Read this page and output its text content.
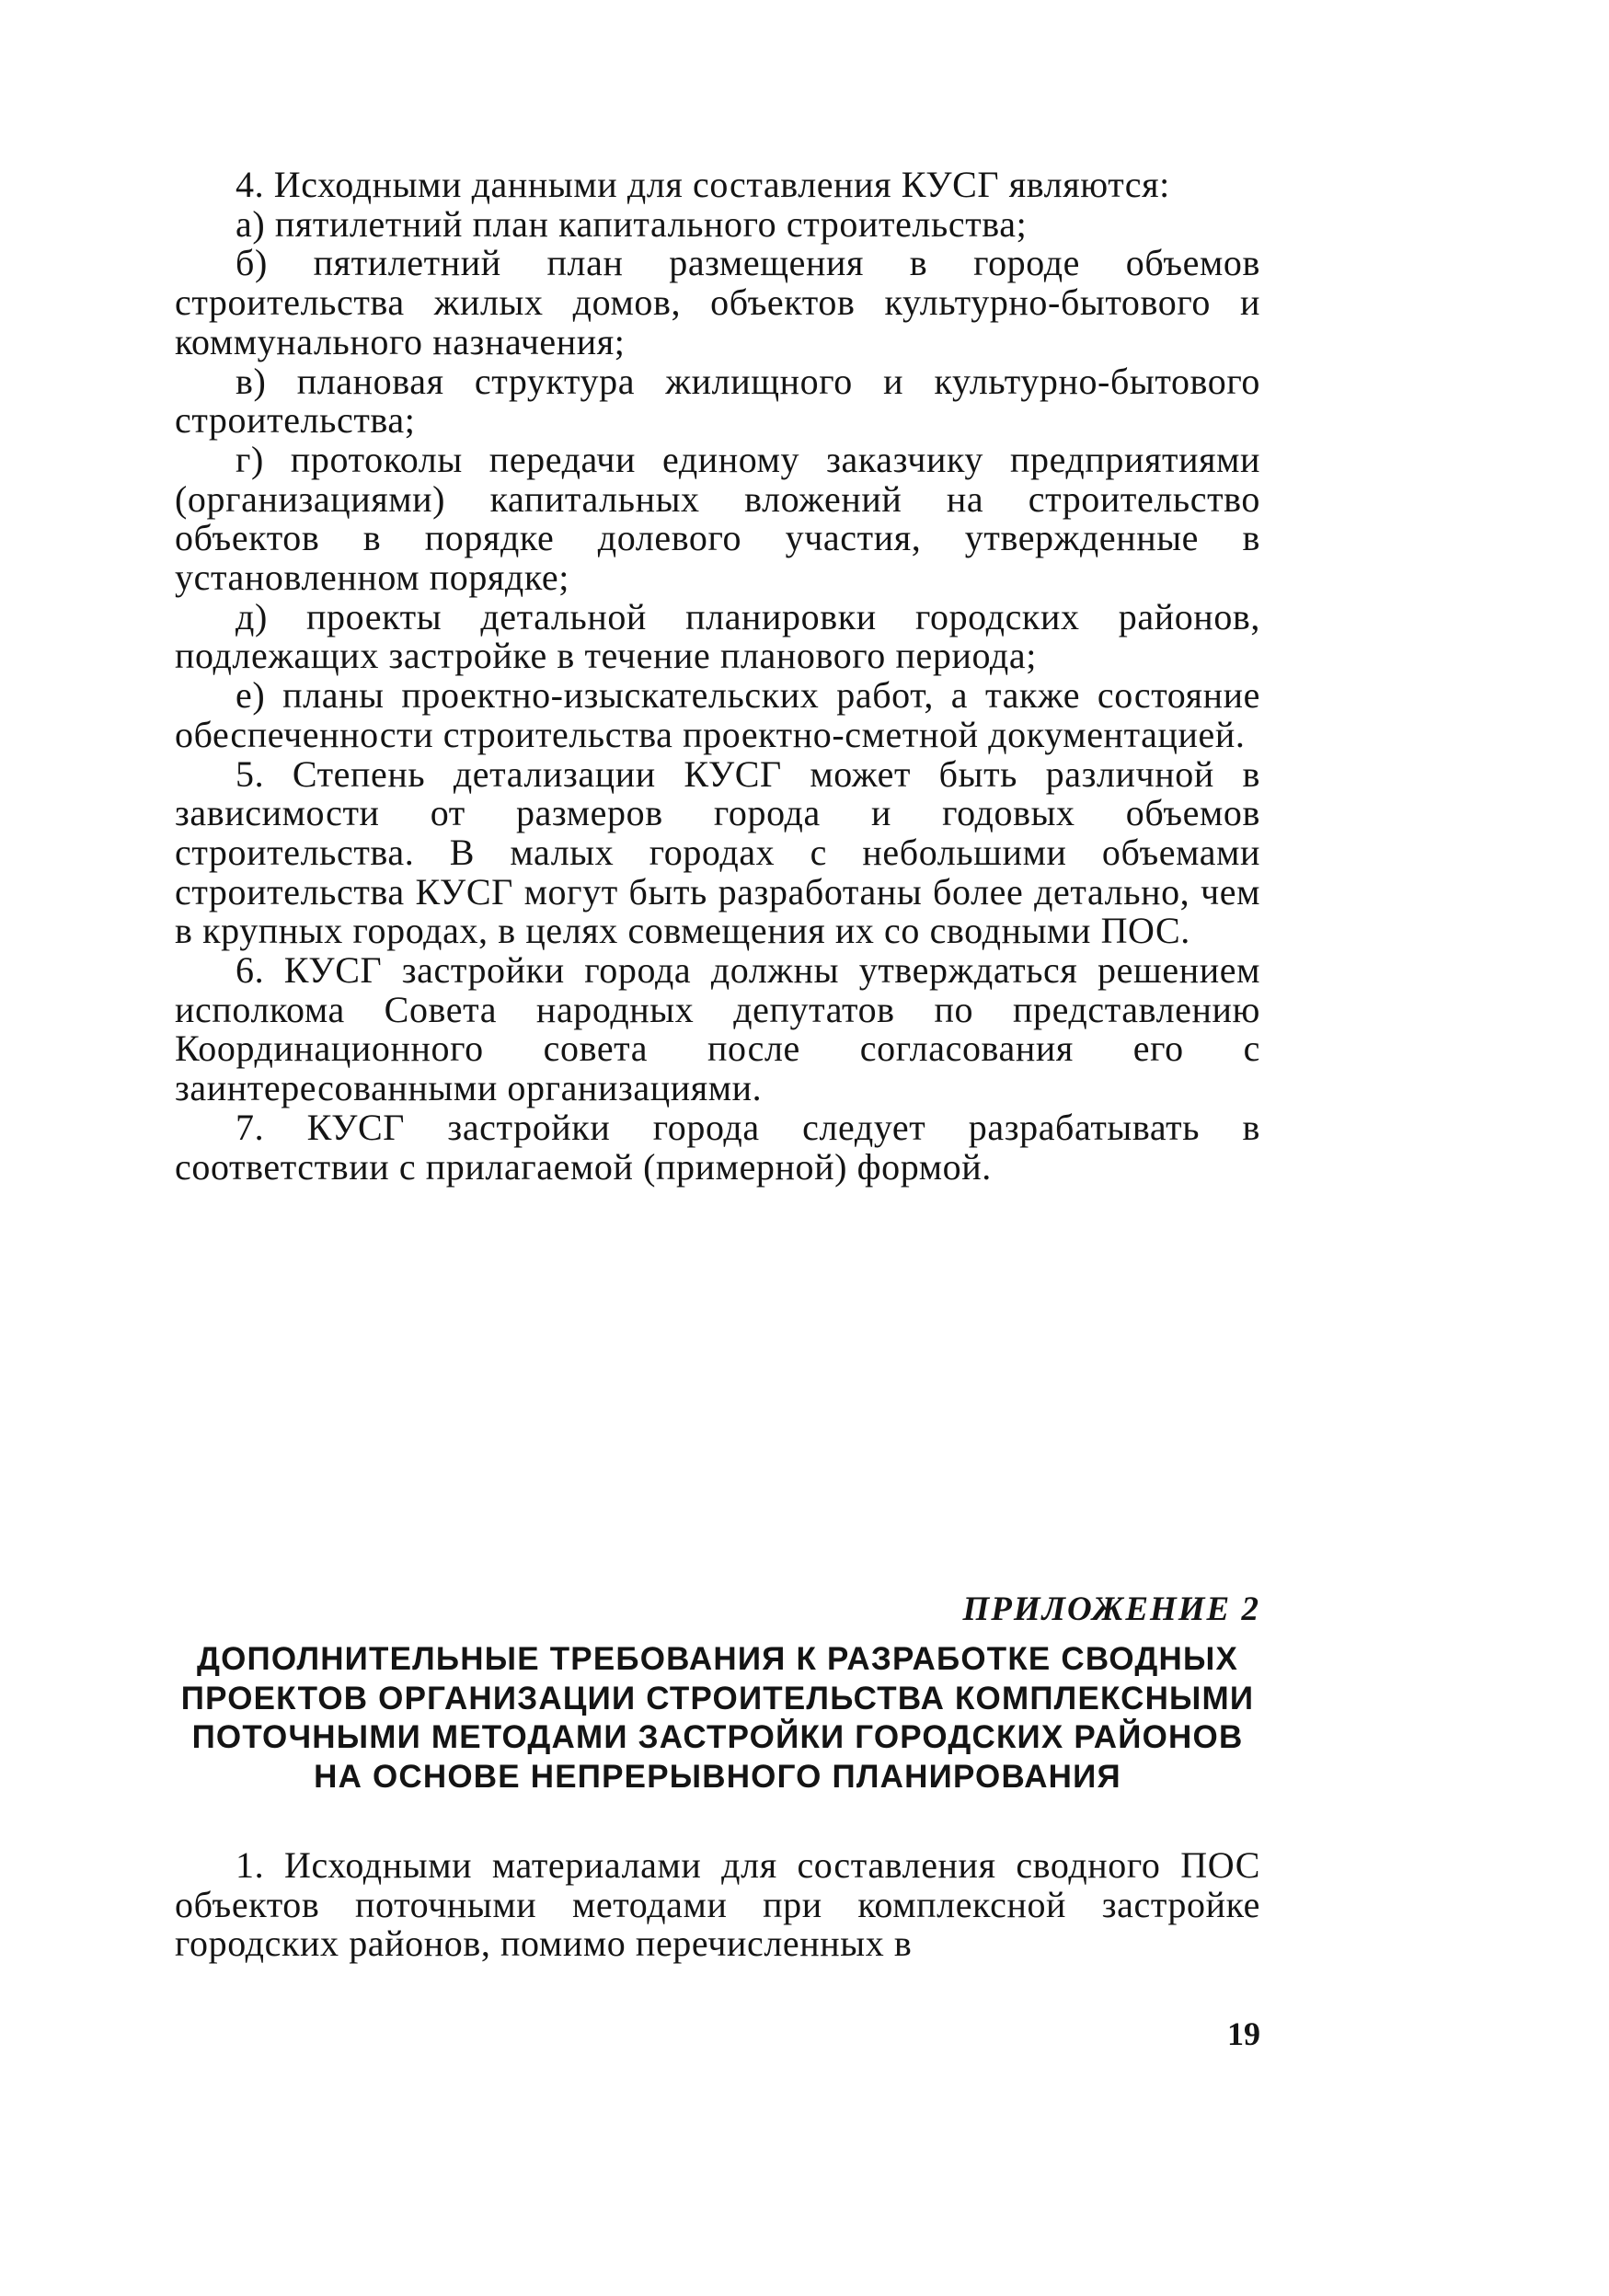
4. Исходными данными для составления КУСГ являются:

а) пятилетний план капитального строительства;

б) пятилетний план размещения в городе объемов строительства жилых домов, объектов культурно-бытового и коммунального назначения;

в) плановая структура жилищного и культурно-бытового строительства;

г) протоколы передачи единому заказчику предприятиями (организациями) капитальных вложений на строительство объектов в порядке долевого участия, утвержденные в установленном порядке;

д) проекты детальной планировки городских районов, подлежащих застройке в течение планового периода;

е) планы проектно-изыскательских работ, а также состояние обеспеченности строительства проектно-сметной документацией.

5. Степень детализации КУСГ может быть различной в зависимости от размеров города и годовых объемов строительства. В малых городах с небольшими объемами строительства КУСГ могут быть разработаны более детально, чем в крупных городах, в целях совмещения их со сводными ПОС.

6. КУСГ застройки города должны утверждаться решением исполкома Совета народных депутатов по представлению Координационного совета после согласования его с заинтересованными организациями.

7. КУСГ застройки города следует разрабатывать в соответствии с прилагаемой (примерной) формой.

ПРИЛОЖЕНИЕ 2

ДОПОЛНИТЕЛЬНЫЕ ТРЕБОВАНИЯ К РАЗРАБОТКЕ СВОДНЫХ ПРОЕКТОВ ОРГАНИЗАЦИИ СТРОИТЕЛЬСТВА КОМПЛЕКСНЫМИ ПОТОЧНЫМИ МЕТОДАМИ ЗАСТРОЙКИ ГОРОДСКИХ РАЙОНОВ НА ОСНОВЕ НЕПРЕРЫВНОГО ПЛАНИРОВАНИЯ

1. Исходными материалами для составления сводного ПОС объектов поточными методами при комплексной застройке городских районов, помимо перечисленных в

19
